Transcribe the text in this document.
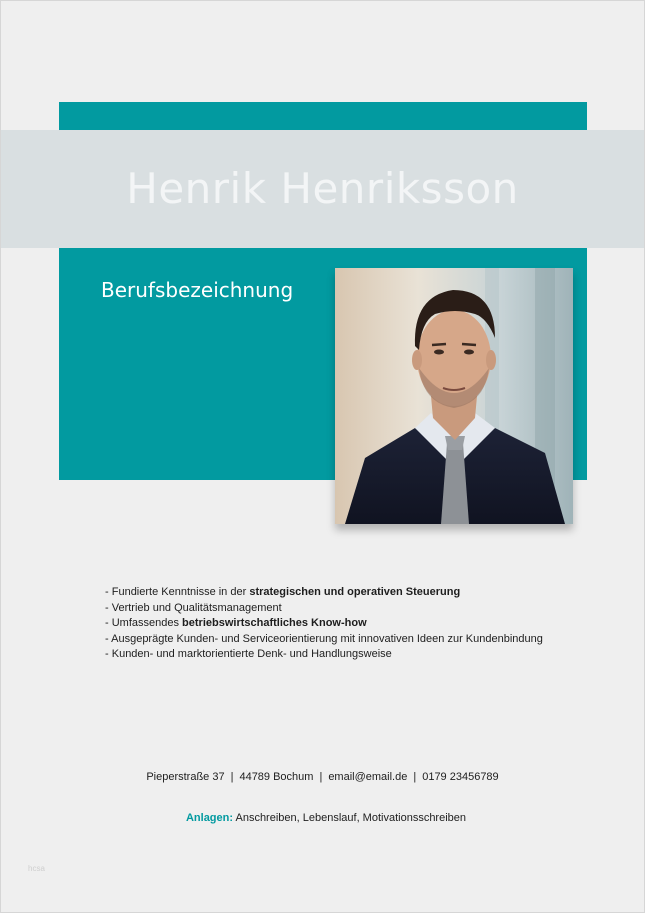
Henrik Henriksson
Berufsbezeichnung
- Fundierte Kenntnisse in der strategischen und operativen Steuerung
- Vertrieb und Qualitätsmanagement
- Umfassendes betriebswirtschaftliches Know-how
- Ausgeprägte Kunden- und Serviceorientierung mit innovativen Ideen zur Kundenbindung
- Kunden- und marktorientierte Denk- und Handlungsweise
Pieperstraße 37 | 44789 Bochum | email@email.de | 0179 23456789
Anlagen: Anschreiben, Lebenslauf, Motivationsschreiben
hcsa
